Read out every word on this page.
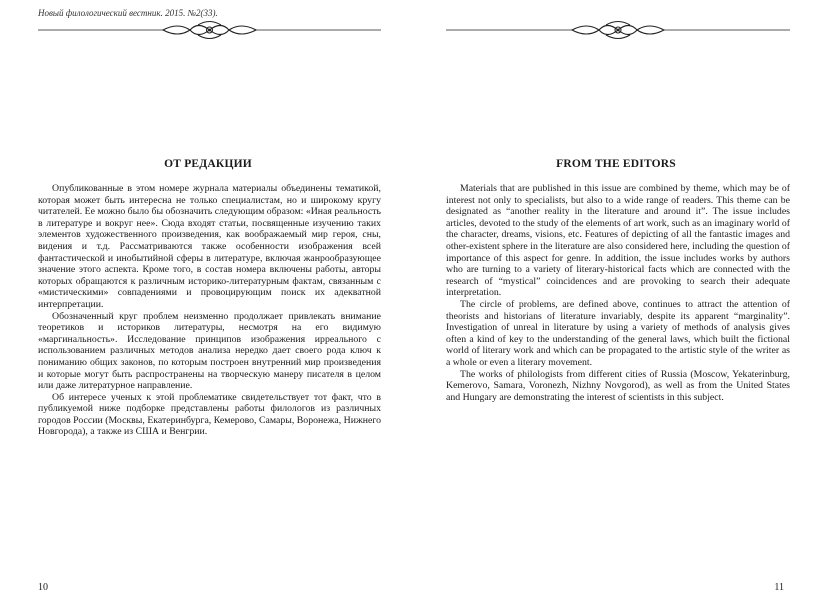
Новый филологический вестник. 2015. №2(33).
ОТ РЕДАКЦИИ

Опубликованные в этом номере журнала материалы объединены тематикой, которая может быть интересна не только специалистам, но и широкому кругу читателей. Ее можно было бы обозначить следующим образом: «Иная реальность в литературе и вокруг нее». Сюда входят статьи, посвященные изучению таких элементов художественного произведения, как воображаемый мир героя, сны, видения и т.д. Рассматриваются также особенности изображения всей фантастической и инобытийной сферы в литературе, включая жанрообразующее значение этого аспекта. Кроме того, в состав номера включены работы, авторы которых обращаются к различным историко-литературным фактам, связанным с «мистическими» совпадениями и провоцирующим поиск их адекватной интерпретации.

Обозначенный круг проблем неизменно продолжает привлекать внимание теоретиков и историков литературы, несмотря на его видимую «маргинальность». Исследование принципов изображения ирреального с использованием различных методов анализа нередко дает своего рода ключ к пониманию общих законов, по которым построен внутренний мир произведения и которые могут быть распространены на творческую манеру писателя в целом или даже литературное направление.

Об интересе ученых к этой проблематике свидетельствует тот факт, что в публикуемой ниже подборке представлены работы филологов из различных городов России (Москвы, Екатеринбурга, Кемерово, Самары, Воронежа, Нижнего Новгорода), а также из США и Венгрии.

10
FROM THE EDITORS

Materials that are published in this issue are combined by theme, which may be of interest not only to specialists, but also to a wide range of readers. This theme can be designated as “another reality in the literature and around it”. The issue includes articles, devoted to the study of the elements of art work, such as an imaginary world of the character, dreams, visions, etc. Features of depicting of all the fantastic images and other-existent sphere in the literature are also considered here, including the question of importance of this aspect for genre. In addition, the issue includes works by authors who are turning to a variety of literary-historical facts which are connected with the research of “mystical” coincidences and are provoking to search their adequate interpretation.

The circle of problems, are defined above, continues to attract the attention of theorists and historians of literature invariably, despite its apparent “marginality”. Investigation of unreal in literature by using a variety of methods of analysis gives often a kind of key to the understanding of the general laws, which built the fictional world of literary work and which can be propagated to the artistic style of the writer as a whole or even a literary movement.

The works of philologists from different cities of Russia (Moscow, Yekaterinburg, Kemerovo, Samara, Voronezh, Nizhny Novgorod), as well as from the United States and Hungary are demonstrating the interest of scientists in this subject.

11
